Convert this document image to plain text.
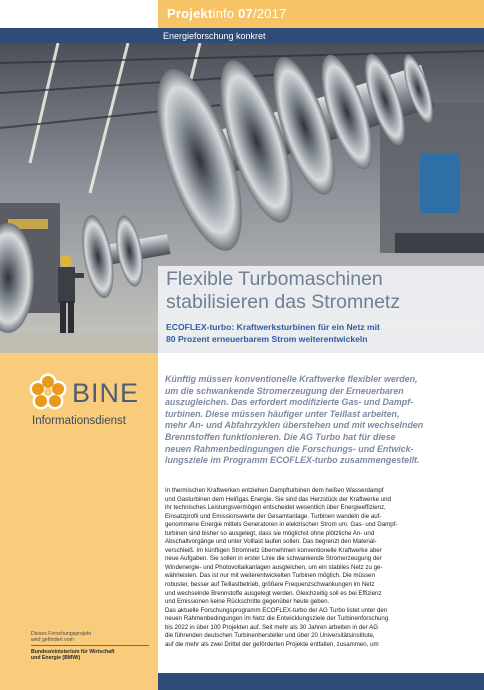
Projektinfo 07/2017
Energieforschung konkret
Flexible Turbomaschinen
stabilisieren das Stromnetz
ECOFLEX-turbo: Kraftwerksturbinen für ein Netz mit
80 Prozent erneuerbarem Strom weiterentwickeln
BINE
Informationsdienst
Dieses Forschungsprojekt
wird gefördert vom
Bundesministerium für Wirtschaft
und Energie (BMWi)
Künftig müssen konventionelle Kraftwerke flexibler werden,
um die schwankende Stromerzeugung der Erneuerbaren
auszugleichen. Das erfordert modifizierte Gas- und Dampf-
turbinen. Diese müssen häufiger unter Teillast arbeiten,
mehr An- und Abfahrzyklen überstehen und mit wechselnden
Brennstoffen funktionieren. Die AG Turbo hat für diese
neuen Rahmenbedingungen die Forschungs- und Entwick-
lungsziele im Programm ECOFLEX-turbo zusammengestellt.
In thermischen Kraftwerken entziehen Dampfturbinen dem heißen Wasserdampf
und Gasturbinen dem Heißgas Energie. Sie sind das Herzstück der Kraftwerke und
ihr technisches Leistungsvermögen entscheidet wesentlich über Energieeffizienz,
Einsatzprofil und Emissionswerte der Gesamtanlage. Turbinen wandeln die auf-
genommene Energie mittels Generatoren in elektrischen Strom um. Gas- und Dampf-
turbinen sind bisher so ausgelegt, dass sie möglichst ohne plötzliche An- und
Abschaltvorgänge und unter Volllast laufen sollen. Das begrenzt den Material-
verschleiß. Im künftigen Stromnetz übernehmen konventionelle Kraftwerke aber
neue Aufgaben. Sie sollen in erster Linie die schwankende Stromerzeugung der
Windenergie- und Photovoltaikanlagen ausgleichen, um ein stabiles Netz zu ge-
währleisten. Das ist nur mit weiterentwickelten Turbinen möglich. Die müssen
robuster, besser auf Teillastbetrieb, größere Frequenzschwankungen im Netz
und wechselnde Brennstoffe ausgelegt werden. Gleichzeitig soll es bei Effizienz
und Emissionen keine Rückschritte gegenüber heute geben.
Das aktuelle Forschungsprogramm ECOFLEX-turbo der AG Turbo listet unter den
neuen Rahmenbedingungen im Netz die Entwicklungsziele der Turbinenforschung
bis 2022 in über 100 Projekten auf. Seit mehr als 30 Jahren arbeiten in der AG
die führenden deutschen Turbinenhersteller und über 20 Universitätsinstitute,
auf die mehr als zwei Drittel der geförderten Projekte entfallen, zusammen, um
